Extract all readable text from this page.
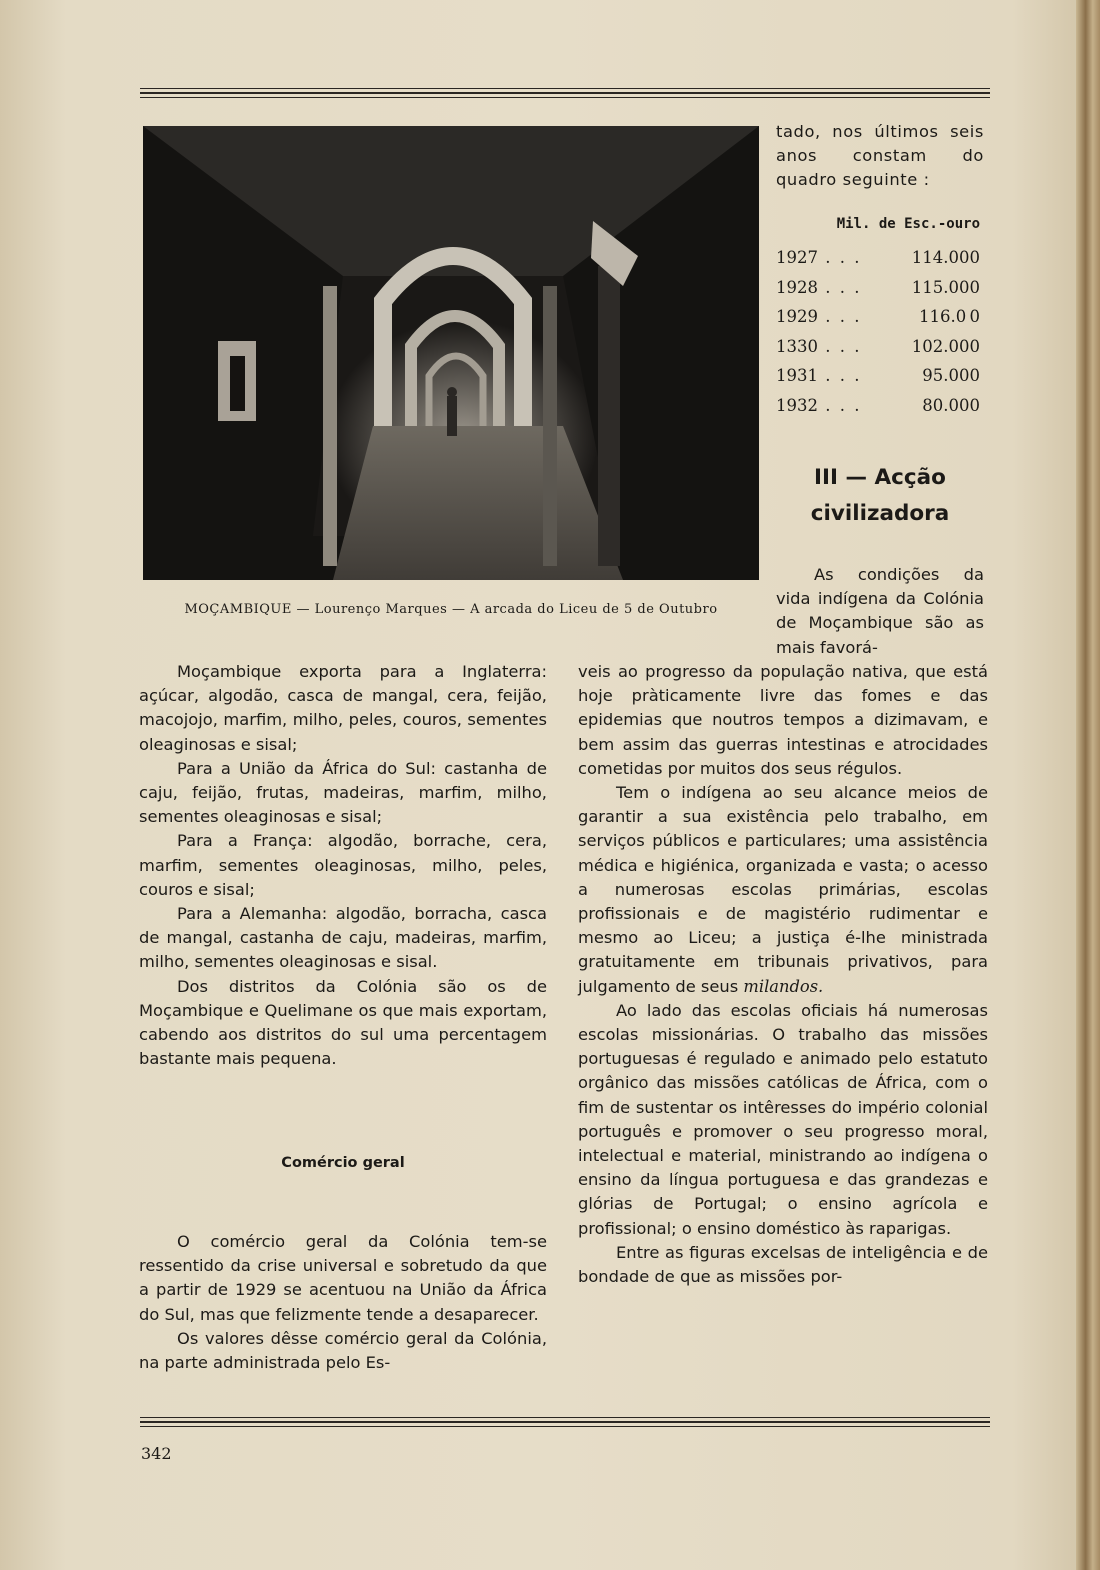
MOÇAMBIQUE — Lourenço Marques — A arcada do Liceu de 5 de Outubro

tado, nos últimos seis anos constam do quadro seguinte :

Mil. de Esc.-ouro
1927 . . .	114.000
1928 . . .	115.000
1929 . . .	116.0 0
1330 . . .	102.000
1931 . . .	95.000
1932 . . .	80.000
III — Acção civilizadora

As condições da vida indígena da Colónia de Moçambique são as mais favorá-

Moçambique exporta para a Inglaterra: açúcar, algodão, casca de mangal, cera, feijão, macojojo, marfim, milho, peles, couros, sementes oleaginosas e sisal;

Para a União da África do Sul: castanha de caju, feijão, frutas, madeiras, marfim, milho, sementes oleaginosas e sisal;

Para a França: algodão, borrache, cera, marfim, sementes oleaginosas, milho, peles, couros e sisal;

Para a Alemanha: algodão, borracha, casca de mangal, castanha de caju, madeiras, marfim, milho, sementes oleaginosas e sisal.

Dos distritos da Colónia são os de Moçambique e Quelimane os que mais exportam, cabendo aos distritos do sul uma percentagem bastante mais pequena.

Comércio geral

O comércio geral da Colónia tem-se ressentido da crise universal e sobretudo da que a partir de 1929 se acentuou na União da África do Sul, mas que felizmente tende a desaparecer.

Os valores dêsse comércio geral da Colónia, na parte administrada pelo Es-

veis ao progresso da população nativa, que está hoje pràticamente livre das fomes e das epidemias que noutros tempos a dizimavam, e bem assim das guerras intestinas e atrocidades cometidas por muitos dos seus régulos.

Tem o indígena ao seu alcance meios de garantir a sua existência pelo trabalho, em serviços públicos e particulares; uma assistência médica e higiénica, organizada e vasta; o acesso a numerosas escolas primárias, escolas profissionais e de magistério rudimentar e mesmo ao Liceu; a justiça é-lhe ministrada gratuitamente em tribunais privativos, para julgamento de seus milandos.

Ao lado das escolas oficiais há numerosas escolas missionárias. O trabalho das missões portuguesas é regulado e animado pelo estatuto orgânico das missões católicas de África, com o fim de sustentar os intêresses do império colonial português e promover o seu progresso moral, intelectual e material, ministrando ao indígena o ensino da língua portuguesa e das grandezas e glórias de Portugal; o ensino agrícola e profissional; o ensino doméstico às raparigas.

Entre as figuras excelsas de inteligência e de bondade de que as missões por-

342
